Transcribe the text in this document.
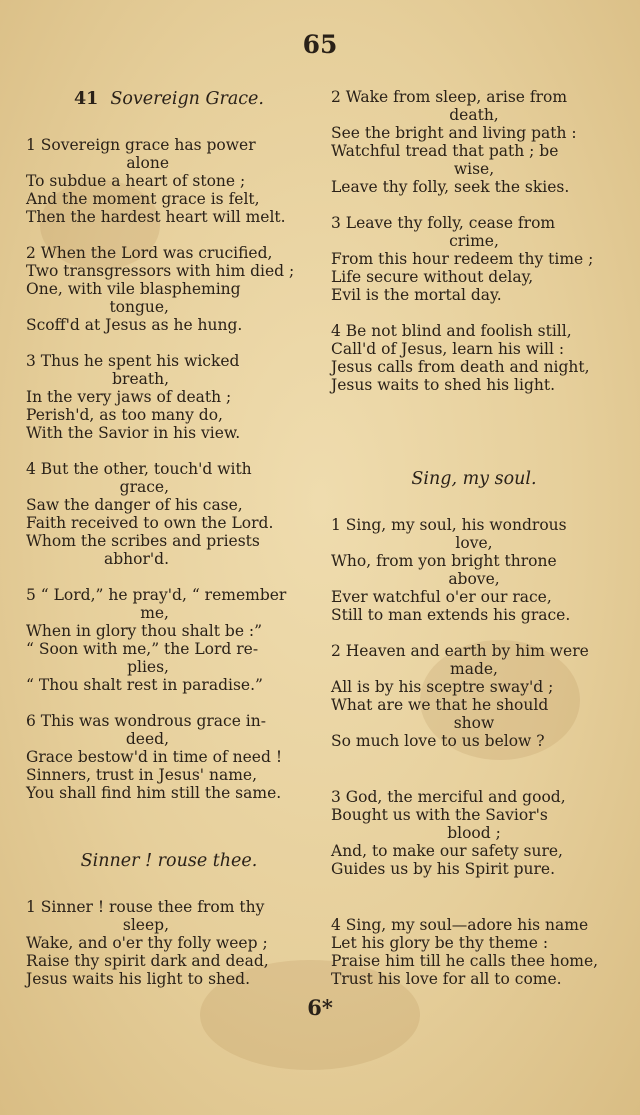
65
41 Sovereign Grace.
1 Sovereign grace has power
alone
To subdue a heart of stone ;
And the moment grace is felt,
Then the hardest heart will melt.
2 When the Lord was crucified,
Two transgressors with him died ;
One, with vile blaspheming
tongue,
Scoff'd at Jesus as he hung.
3 Thus he spent his wicked
breath,
In the very jaws of death ;
Perish'd, as too many do,
With the Savior in his view.
4 But the other, touch'd with
grace,
Saw the danger of his case,
Faith received to own the Lord.
Whom the scribes and priests
abhor'd.
5 “ Lord,” he pray'd, “ remember
me,
When in glory thou shalt be :”
“ Soon with me,” the Lord re-
plies,
“ Thou shalt rest in paradise.”
6 This was wondrous grace in-
deed,
Grace bestow'd in time of need !
Sinners, trust in Jesus' name,
You shall find him still the same.
Sinner ! rouse thee.
1 Sinner ! rouse thee from thy
sleep,
Wake, and o'er thy folly weep ;
Raise thy spirit dark and dead,
Jesus waits his light to shed.
2 Wake from sleep, arise from
death,
See the bright and living path :
Watchful tread that path ; be
wise,
Leave thy folly, seek the skies.
3 Leave thy folly, cease from
crime,
From this hour redeem thy time ;
Life secure without delay,
Evil is the mortal day.
4 Be not blind and foolish still,
Call'd of Jesus, learn his will :
Jesus calls from death and night,
Jesus waits to shed his light.
Sing, my soul.
1 Sing, my soul, his wondrous
love,
Who, from yon bright throne
above,
Ever watchful o'er our race,
Still to man extends his grace.
2 Heaven and earth by him were
made,
All is by his sceptre sway'd ;
What are we that he should
show
So much love to us below ?
3 God, the merciful and good,
Bought us with the Savior's
blood ;
And, to make our safety sure,
Guides us by his Spirit pure.
4 Sing, my soul—adore his name
Let his glory be thy theme :
Praise him till he calls thee home,
Trust his love for all to come.
6*
